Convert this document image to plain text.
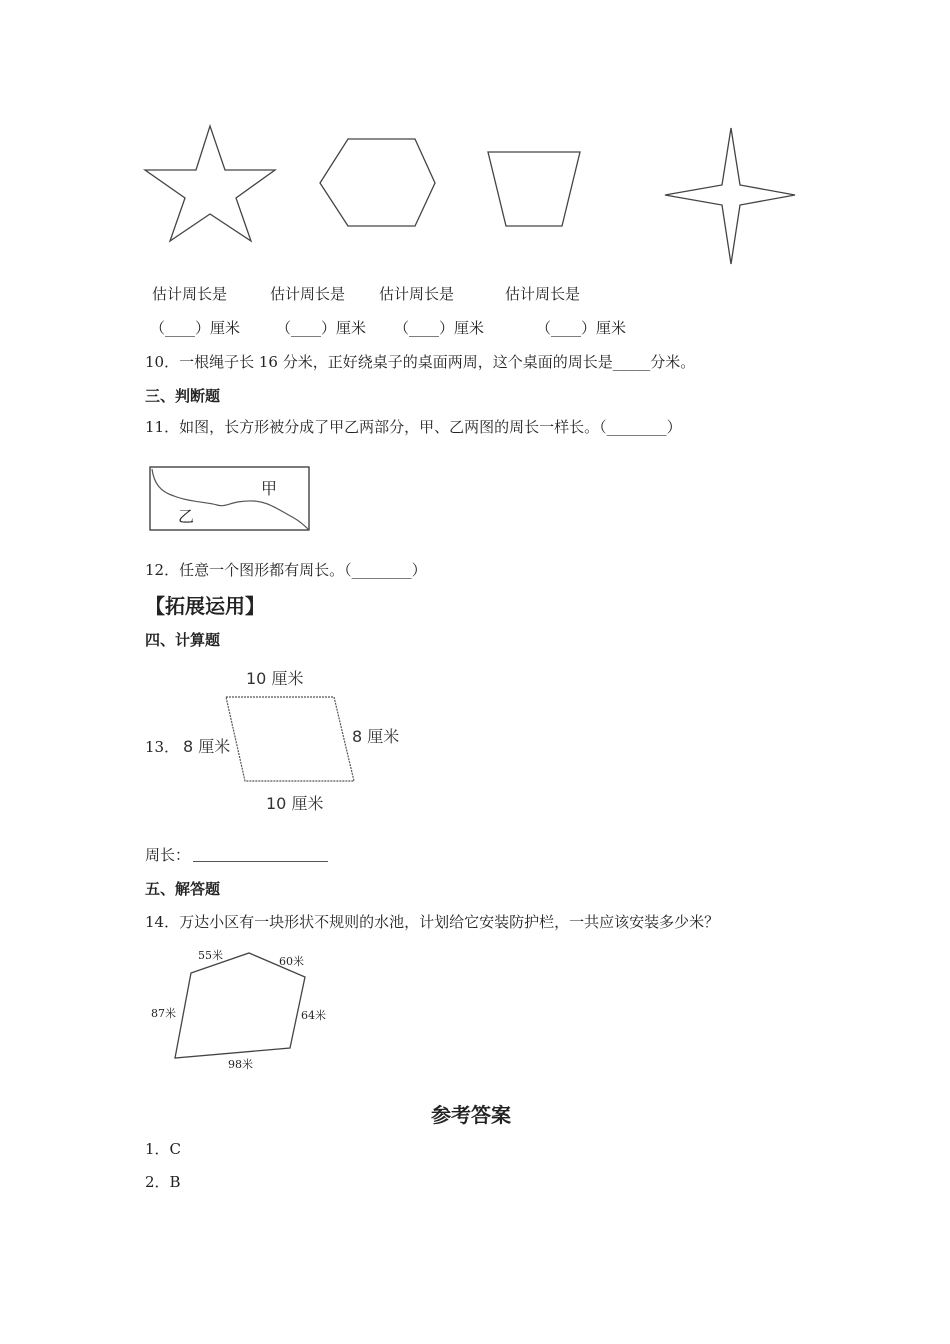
估计周长是	估计周长是 估计周长是	估计周长是
（____）厘米 （____）厘米 （____）厘米	（____）厘米
10．一根绳子长 16 分米，正好绕桌子的桌面两周，这个桌面的周长是_____分米。
三、判断题
11．如图，长方形被分成了甲乙两部分，甲、乙两图的周长一样长。（________）
甲
乙
12．任意一个图形都有周长。（________）
【拓展运用】
四、计算题
13．
10 厘米
8 厘米
8 厘米
10 厘米
周长：
五、解答题
14．万达小区有一块形状不规则的水池，计划给它安装防护栏，一共应该安装多少米？
55米	60米
64米
98米
87米
参考答案
1．C
2．B
